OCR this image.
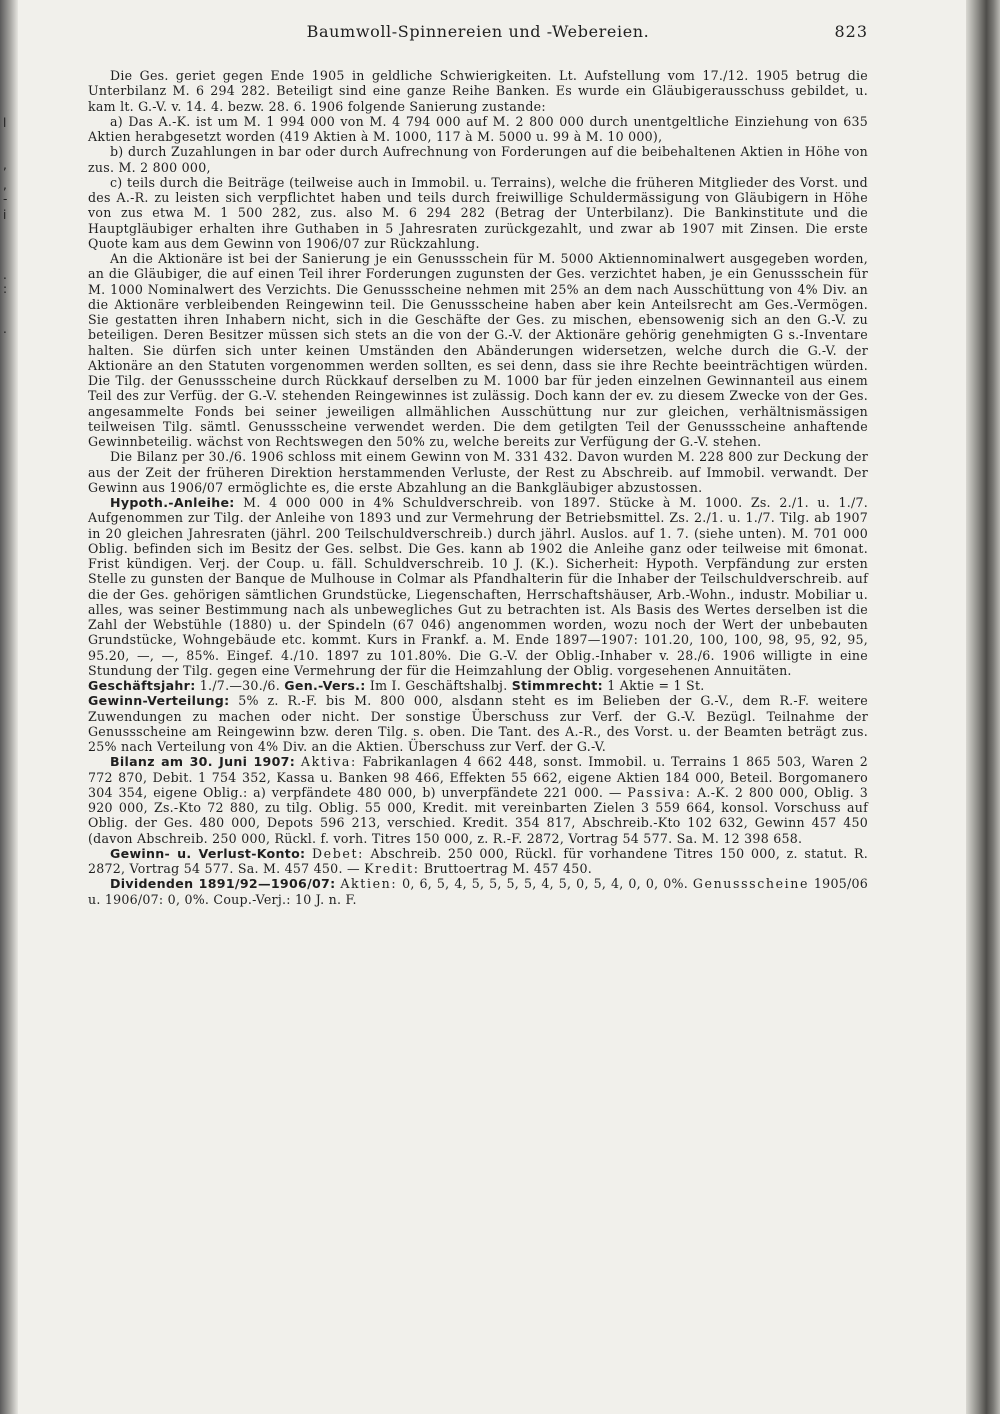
l
,
,
-
i
.
:
.
Baumwoll-Spinnereien und -Webereien.	823

Die Ges. geriet gegen Ende 1905 in geldliche Schwierigkeiten. Lt. Aufstellung vom 17./12. 1905 betrug die Unterbilanz M. 6 294 282. Beteiligt sind eine ganze Reihe Banken. Es wurde ein Gläubigerausschuss gebildet, u. kam lt. G.-V. v. 14. 4. bezw. 28. 6. 1906 folgende Sanierung zustande:

a) Das A.-K. ist um M. 1 994 000 von M. 4 794 000 auf M. 2 800 000 durch unentgeltliche Einziehung von 635 Aktien herabgesetzt worden (419 Aktien à M. 1000, 117 à M. 5000 u. 99 à M. 10 000),

b) durch Zuzahlungen in bar oder durch Aufrechnung von Forderungen auf die beibehaltenen Aktien in Höhe von zus. M. 2 800 000,

c) teils durch die Beiträge (teilweise auch in Immobil. u. Terrains), welche die früheren Mitglieder des Vorst. und des A.-R. zu leisten sich verpflichtet haben und teils durch freiwillige Schuldermässigung von Gläubigern in Höhe von zus etwa M. 1 500 282, zus. also M. 6 294 282 (Betrag der Unterbilanz). Die Bankinstitute und die Hauptgläubiger erhalten ihre Guthaben in 5 Jahresraten zurückgezahlt, und zwar ab 1907 mit Zinsen. Die erste Quote kam aus dem Gewinn von 1906/07 zur Rückzahlung.

An die Aktionäre ist bei der Sanierung je ein Genussschein für M. 5000 Aktiennominalwert ausgegeben worden, an die Gläubiger, die auf einen Teil ihrer Forderungen zugunsten der Ges. verzichtet haben, je ein Genussschein für M. 1000 Nominalwert des Verzichts. Die Genussscheine nehmen mit 25% an dem nach Ausschüttung von 4% Div. an die Aktionäre verbleibenden Reingewinn teil. Die Genussscheine haben aber kein Anteilsrecht am Ges.-Vermögen. Sie gestatten ihren Inhabern nicht, sich in die Geschäfte der Ges. zu mischen, ebensowenig sich an den G.-V. zu beteiligen. Deren Besitzer müssen sich stets an die von der G.-V. der Aktionäre gehörig genehmigten G s.-Inventare halten. Sie dürfen sich unter keinen Umständen den Abänderungen widersetzen, welche durch die G.-V. der Aktionäre an den Statuten vorgenommen werden sollten, es sei denn, dass sie ihre Rechte beeinträchtigen würden. Die Tilg. der Genussscheine durch Rückkauf derselben zu M. 1000 bar für jeden einzelnen Gewinnanteil aus einem Teil des zur Verfüg. der G.-V. stehenden Reingewinnes ist zulässig. Doch kann der ev. zu diesem Zwecke von der Ges. angesammelte Fonds bei seiner jeweiligen allmählichen Ausschüttung nur zur gleichen, verhältnismässigen teilweisen Tilg. sämtl. Genussscheine verwendet werden. Die dem getilgten Teil der Genussscheine anhaftende Gewinnbeteilig. wächst von Rechtswegen den 50% zu, welche bereits zur Verfügung der G.-V. stehen.

Die Bilanz per 30./6. 1906 schloss mit einem Gewinn von M. 331 432. Davon wurden M. 228 800 zur Deckung der aus der Zeit der früheren Direktion herstammenden Verluste, der Rest zu Abschreib. auf Immobil. verwandt. Der Gewinn aus 1906/07 ermöglichte es, die erste Abzahlung an die Bankgläubiger abzustossen.

Hypoth.-Anleihe: M. 4 000 000 in 4% Schuldverschreib. von 1897. Stücke à M. 1000. Zs. 2./1. u. 1./7. Aufgenommen zur Tilg. der Anleihe von 1893 und zur Vermehrung der Betriebsmittel. Zs. 2./1. u. 1./7. Tilg. ab 1907 in 20 gleichen Jahresraten (jährl. 200 Teilschuldverschreib.) durch jährl. Auslos. auf 1. 7. (siehe unten). M. 701 000 Oblig. befinden sich im Besitz der Ges. selbst. Die Ges. kann ab 1902 die Anleihe ganz oder teilweise mit 6monat. Frist kündigen. Verj. der Coup. u. fäll. Schuldverschreib. 10 J. (K.). Sicherheit: Hypoth. Verpfändung zur ersten Stelle zu gunsten der Banque de Mulhouse in Colmar als Pfandhalterin für die Inhaber der Teilschuldverschreib. auf die der Ges. gehörigen sämtlichen Grundstücke, Liegenschaften, Herrschaftshäuser, Arb.-Wohn., industr. Mobiliar u. alles, was seiner Bestimmung nach als unbewegliches Gut zu betrachten ist. Als Basis des Wertes derselben ist die Zahl der Webstühle (1880) u. der Spindeln (67 046) angenommen worden, wozu noch der Wert der unbebauten Grundstücke, Wohngebäude etc. kommt. Kurs in Frankf. a. M. Ende 1897—1907: 101.20, 100, 100, 98, 95, 92, 95, 95.20, —, —, 85%. Eingef. 4./10. 1897 zu 101.80%. Die G.-V. der Oblig.-Inhaber v. 28./6. 1906 willigte in eine Stundung der Tilg. gegen eine Vermehrung der für die Heimzahlung der Oblig. vorgesehenen Annuitäten.

Geschäftsjahr: 1./7.—30./6. Gen.-Vers.: Im I. Geschäftshalbj. Stimmrecht: 1 Aktie = 1 St.

Gewinn-Verteilung: 5% z. R.-F. bis M. 800 000, alsdann steht es im Belieben der G.-V., dem R.-F. weitere Zuwendungen zu machen oder nicht. Der sonstige Überschuss zur Verf. der G.-V. Bezügl. Teilnahme der Genussscheine am Reingewinn bzw. deren Tilg. s. oben. Die Tant. des A.-R., des Vorst. u. der Beamten beträgt zus. 25% nach Verteilung von 4% Div. an die Aktien. Überschuss zur Verf. der G.-V.

Bilanz am 30. Juni 1907: Aktiva: Fabrikanlagen 4 662 448, sonst. Immobil. u. Terrains 1 865 503, Waren 2 772 870, Debit. 1 754 352, Kassa u. Banken 98 466, Effekten 55 662, eigene Aktien 184 000, Beteil. Borgomanero 304 354, eigene Oblig.: a) verpfändete 480 000, b) unverpfändete 221 000. — Passiva: A.-K. 2 800 000, Oblig. 3 920 000, Zs.-Kto 72 880, zu tilg. Oblig. 55 000, Kredit. mit vereinbarten Zielen 3 559 664, konsol. Vorschuss auf Oblig. der Ges. 480 000, Depots 596 213, verschied. Kredit. 354 817, Abschreib.-Kto 102 632, Gewinn 457 450 (davon Abschreib. 250 000, Rückl. f. vorh. Titres 150 000, z. R.-F. 2872, Vortrag 54 577. Sa. M. 12 398 658.

Gewinn- u. Verlust-Konto: Debet: Abschreib. 250 000, Rückl. für vorhandene Titres 150 000, z. statut. R. 2872, Vortrag 54 577. Sa. M. 457 450. — Kredit: Bruttoertrag M. 457 450.

Dividenden 1891/92—1906/07: Aktien: 0, 6, 5, 4, 5, 5, 5, 5, 4, 5, 0, 5, 4, 0, 0, 0%. Genussscheine 1905/06 u. 1906/07: 0, 0%. Coup.-Verj.: 10 J. n. F.
